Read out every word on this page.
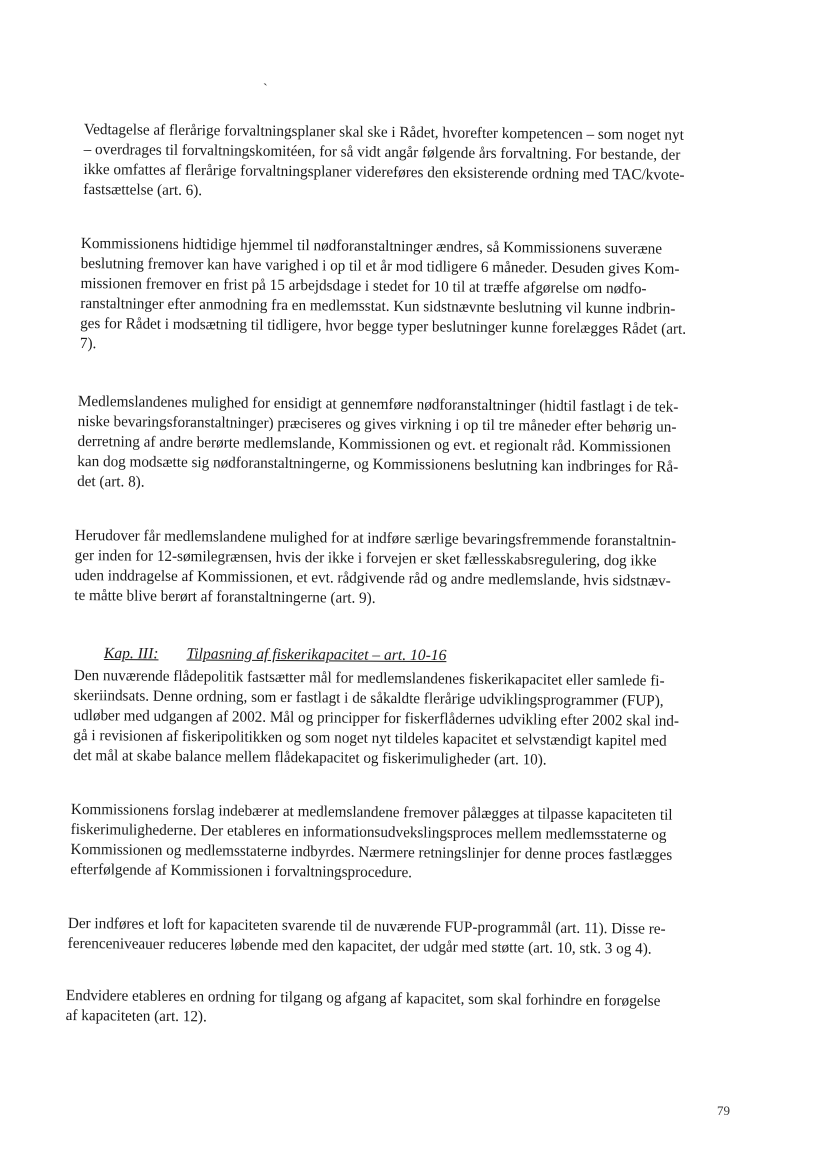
`
Vedtagelse af flerårige forvaltningsplaner skal ske i Rådet, hvorefter kompetencen – som noget nyt
– overdrages til forvaltningskomitéen, for så vidt angår følgende års forvaltning. For bestande, der
ikke omfattes af flerårige forvaltningsplaner videreføres den eksisterende ordning med TAC/kvote-
fastsættelse (art. 6).
Kommissionens hidtidige hjemmel til nødforanstaltninger ændres, så Kommissionens suveræne
beslutning fremover kan have varighed i op til et år mod tidligere 6 måneder. Desuden gives Kom-
missionen fremover en frist på 15 arbejdsdage i stedet for 10 til at træffe afgørelse om nødfo-
ranstaltninger efter anmodning fra en medlemsstat. Kun sidstnævnte beslutning vil kunne indbrin-
ges for Rådet i modsætning til tidligere, hvor begge typer beslutninger kunne forelægges Rådet (art.
7).
Medlemslandenes mulighed for ensidigt at gennemføre nødforanstaltninger (hidtil fastlagt i de tek-
niske bevaringsforanstaltninger) præciseres og gives virkning i op til tre måneder efter behørig un-
derretning af andre berørte medlemslande, Kommissionen og evt. et regionalt råd. Kommissionen
kan dog modsætte sig nødforanstaltningerne, og Kommissionens beslutning kan indbringes for Rå-
det (art. 8).
Herudover får medlemslandene mulighed for at indføre særlige bevaringsfremmende foranstaltnin-
ger inden for 12-sømilegrænsen, hvis der ikke i forvejen er sket fællesskabsregulering, dog ikke
uden inddragelse af Kommissionen, et evt. rådgivende råd og andre medlemslande, hvis sidstnæv-
te måtte blive berørt af foranstaltningerne (art. 9).
Kap. III: Tilpasning af fiskerikapacitet – art. 10-16
Den nuværende flådepolitik fastsætter mål for medlemslandenes fiskerikapacitet eller samlede fi-
skeriindsats. Denne ordning, som er fastlagt i de såkaldte flerårige udviklingsprogrammer (FUP),
udløber med udgangen af 2002. Mål og principper for fiskerflådernes udvikling efter 2002 skal ind-
gå i revisionen af fiskeripolitikken og som noget nyt tildeles kapacitet et selvstændigt kapitel med
det mål at skabe balance mellem flådekapacitet og fiskerimuligheder (art. 10).
Kommissionens forslag indebærer at medlemslandene fremover pålægges at tilpasse kapaciteten til
fiskerimulighederne. Der etableres en informationsudvekslingsproces mellem medlemsstaterne og
Kommissionen og medlemsstaterne indbyrdes. Nærmere retningslinjer for denne proces fastlægges
efterfølgende af Kommissionen i forvaltningsprocedure.
Der indføres et loft for kapaciteten svarende til de nuværende FUP-programmål (art. 11). Disse re-
ferenceniveauer reduceres løbende med den kapacitet, der udgår med støtte (art. 10, stk. 3 og 4).
Endvidere etableres en ordning for tilgang og afgang af kapacitet, som skal forhindre en forøgelse
af kapaciteten (art. 12).
79
